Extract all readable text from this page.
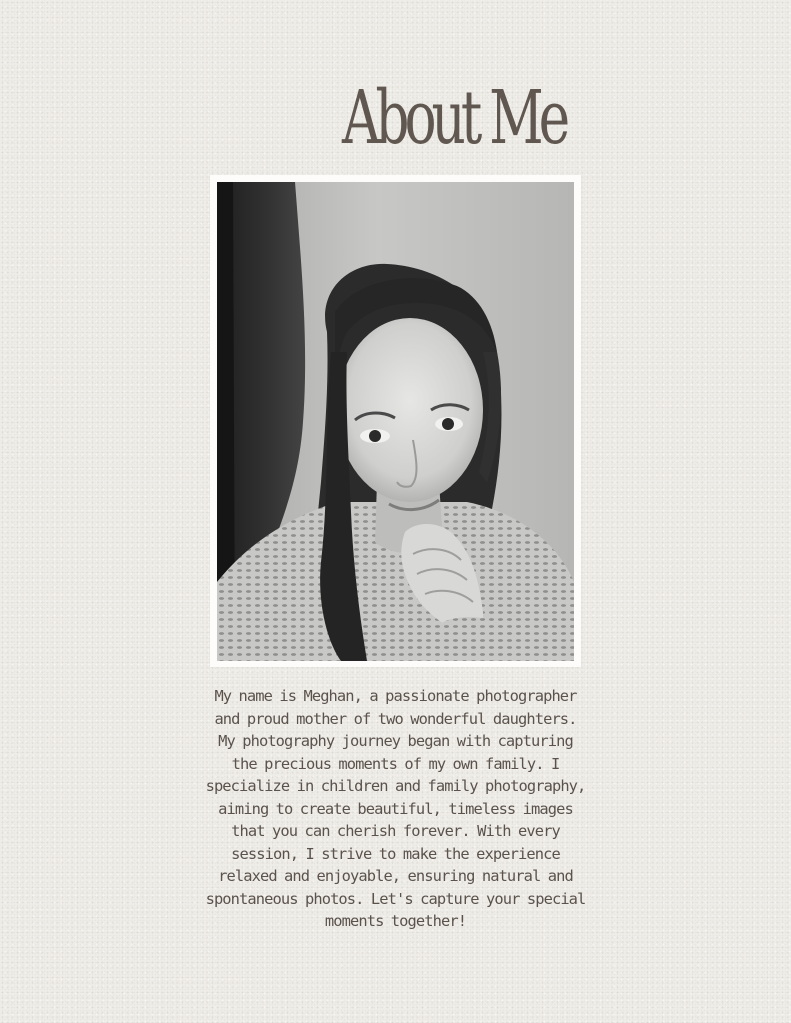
About Me
My name is Meghan, a passionate photographer and proud mother of two wonderful daughters. My photography journey began with capturing the precious moments of my own family. I specialize in children and family photography, aiming to create beautiful, timeless images that you can cherish forever. With every session, I strive to make the experience relaxed and enjoyable, ensuring natural and spontaneous photos. Let's capture your special moments together!
